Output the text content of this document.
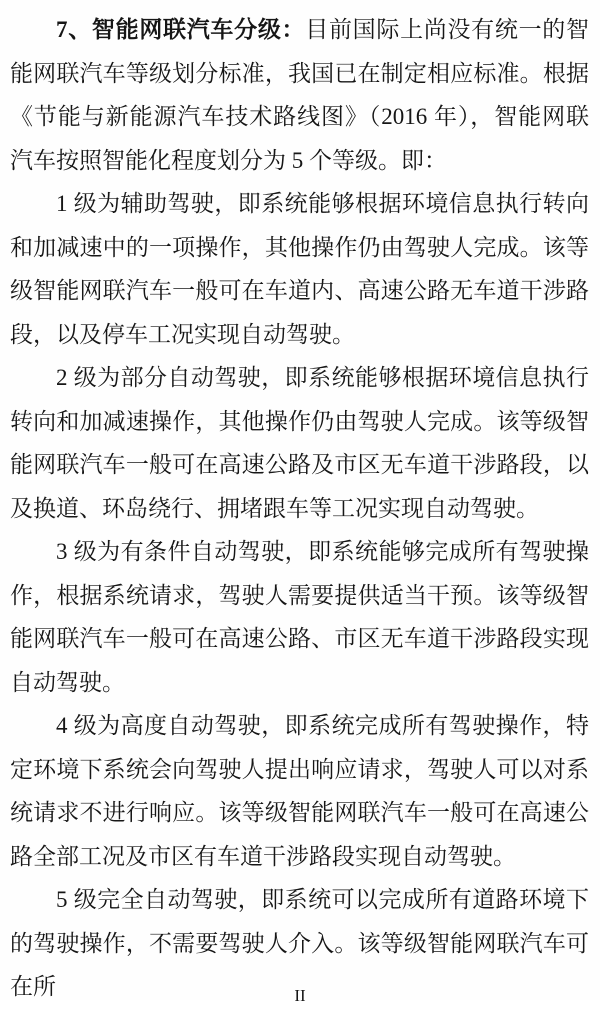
7、智能网联汽车分级：目前国际上尚没有统一的智能网联汽车等级划分标准，我国已在制定相应标准。根据《节能与新能源汽车技术路线图》（2016 年），智能网联汽车按照智能化程度划分为 5 个等级。即：

1 级为辅助驾驶，即系统能够根据环境信息执行转向和加减速中的一项操作，其他操作仍由驾驶人完成。该等级智能网联汽车一般可在车道内、高速公路无车道干涉路段，以及停车工况实现自动驾驶。

2 级为部分自动驾驶，即系统能够根据环境信息执行转向和加减速操作，其他操作仍由驾驶人完成。该等级智能网联汽车一般可在高速公路及市区无车道干涉路段，以及换道、环岛绕行、拥堵跟车等工况实现自动驾驶。

3 级为有条件自动驾驶，即系统能够完成所有驾驶操作，根据系统请求，驾驶人需要提供适当干预。该等级智能网联汽车一般可在高速公路、市区无车道干涉路段实现自动驾驶。

4 级为高度自动驾驶，即系统完成所有驾驶操作，特定环境下系统会向驾驶人提出响应请求，驾驶人可以对系统请求不进行响应。该等级智能网联汽车一般可在高速公路全部工况及市区有车道干涉路段实现自动驾驶。

5 级完全自动驾驶，即系统可以完成所有道路环境下的驾驶操作，不需要驾驶人介入。该等级智能网联汽车可在所	II
